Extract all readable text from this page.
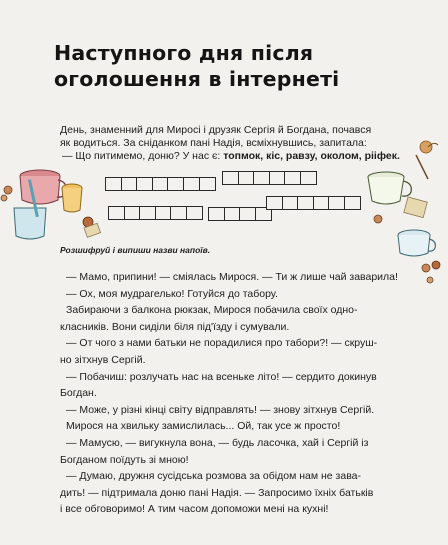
Наступного дня після
оголошення в інтернеті

День, знаменний для Миросі і друзяк Сергія й Богдана, почався

як водиться. За сніданком пані Надія, всміхнувшись, запитала:

— Що питимемо, доню? У нас є: топмок, кіс, равзу, околом, рііфек.

Розшифруй і випиши назви напоїв.

— Мамо, припини! — сміялась Мирося. — Ти ж лише чай заварила!

— Ох, моя мудрагелько! Готуйся до табору.

Забираючи з балкона рюкзак, Мирося побачила своїх одно-

класників. Вони сиділи біля під'їзду і сумували.

— От чого з нами батьки не порадилися про табори?! — скруш-

но зітхнув Сергій.

— Побачиш: розлучать нас на всеньке літо! — сердито докинув

Богдан.

— Може, у різні кінці світу відправлять! — знову зітхнув Сергій.

Мирося на хвильку замислилась... Ой, так усе ж просто!

— Мамусю, — вигукнула вона, — будь ласочка, хай і Сергій із

Богданом поїдуть зі мною!

— Думаю, дружня сусідська розмова за обідом нам не зава-

дить! — підтримала доню пані Надія. — Запросимо їхніх батьків

і все обговоримо! А тим часом допоможи мені на кухні!
